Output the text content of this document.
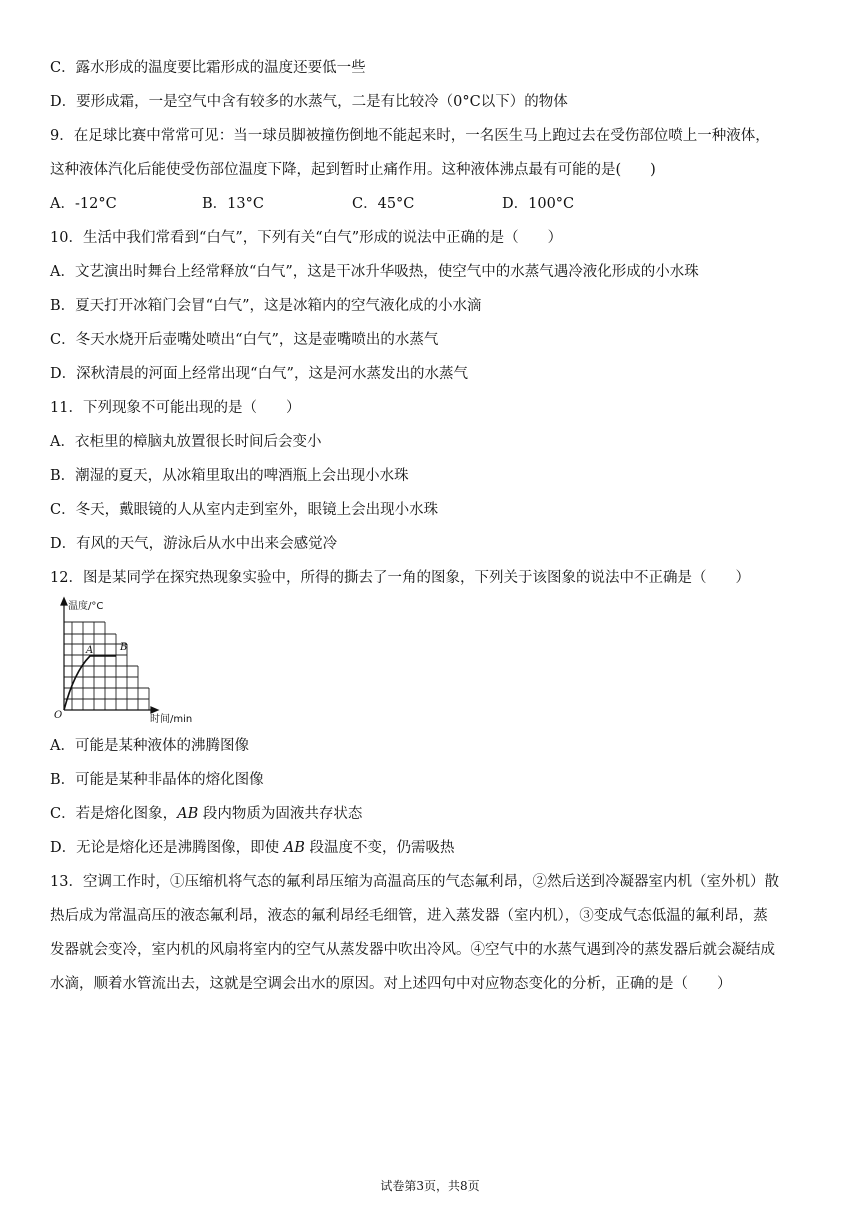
C．露水形成的温度要比霜形成的温度还要低一些
D．要形成霜，一是空气中含有较多的水蒸气，二是有比较冷（0°C以下）的物体
9．在足球比赛中常常可见：当一球员脚被撞伤倒地不能起来时，一名医生马上跑过去在受伤部位喷上一种液体，
这种液体汽化后能使受伤部位温度下降，起到暂时止痛作用。这种液体沸点最有可能的是(　　)
A．-12°C	B．13°C	C．45°C	D．100°C
10．生活中我们常看到“白气”，下列有关“白气”形成的说法中正确的是（　　）
A．文艺演出时舞台上经常释放“白气”，这是干冰升华吸热，使空气中的水蒸气遇冷液化形成的小水珠
B．夏天打开冰箱门会冒“白气”，这是冰箱内的空气液化成的小水滴
C．冬天水烧开后壶嘴处喷出“白气”，这是壶嘴喷出的水蒸气
D．深秋清晨的河面上经常出现“白气”，这是河水蒸发出的水蒸气
11．下列现象不可能出现的是（　　）
A．衣柜里的樟脑丸放置很长时间后会变小
B．潮湿的夏天，从冰箱里取出的啤酒瓶上会出现小水珠
C．冬天，戴眼镜的人从室内走到室外，眼镜上会出现小水珠
D．有风的天气，游泳后从水中出来会感觉冷
12．图是某同学在探究热现象实验中，所得的撕去了一角的图象，下列关于该图象的说法中不正确是（　　）
温度/°C
时间/min
O
A	B
A．可能是某种液体的沸腾图像
B．可能是某种非晶体的熔化图像
C．若是熔化图象，AB 段内物质为固液共存状态
D．无论是熔化还是沸腾图像，即使 AB 段温度不变，仍需吸热
13．空调工作时，①压缩机将气态的氟利昂压缩为高温高压的气态氟利昂，②然后送到冷凝器室内机（室外机）散
热后成为常温高压的液态氟利昂，液态的氟利昂经毛细管，进入蒸发器（室内机），③变成气态低温的氟利昂，蒸
发器就会变冷，室内机的风扇将室内的空气从蒸发器中吹出冷风。④空气中的水蒸气遇到冷的蒸发器后就会凝结成
水滴，顺着水管流出去，这就是空调会出水的原因。对上述四句中对应物态变化的分析，正确的是（　　）
试卷第3页，共8页
